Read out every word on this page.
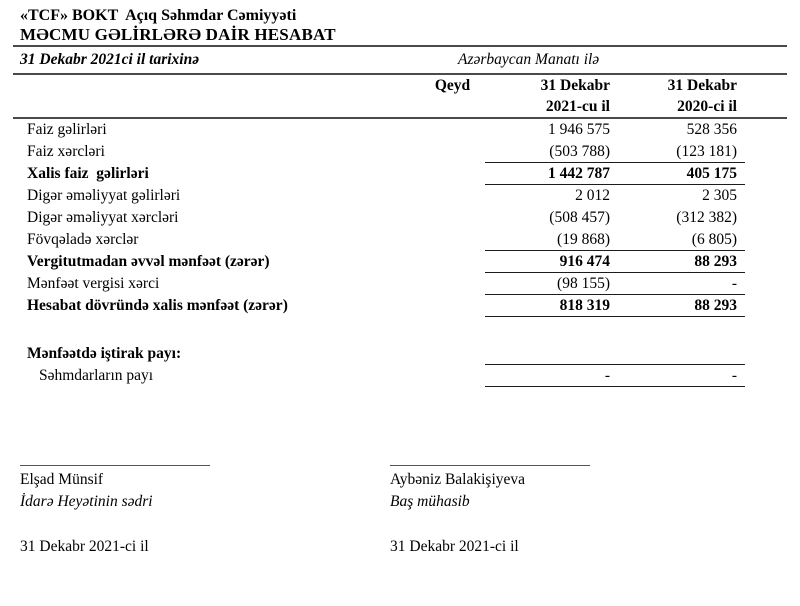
«TCF» BOKT  Açıq Səhmdar Cəmiyyəti
MƏCMU GƏLİRLƏRƏ DAİR HESABAT
31 Dekabr 2021ci il tarixinə	Azərbaycan Manatı ilə
Qeyd	31 Dekabr
2021-cu il
31 Dekabr
2020-ci il
Faiz gəlirləri	1 946 575	528 356
Faiz xərcləri	(503 788)	(123 181)
Xalis faiz  gəlirləri	1 442 787	405 175
Digər əməliyyat gəlirləri	2 012	2 305
Digər əməliyyat xərcləri	(508 457)	(312 382)
Fövqəladə xərclər	(19 868)	(6 805)
Vergitutmadan əvvəl mənfəət (zərər)	916 474	88 293
Mənfəət vergisi xərci	(98 155)	-
Hesabat dövründə xalis mənfəət (zərər)	818 319	88 293
Mənfəətdə iştirak payı:
Səhmdarların payı	-	-
Elşad Münsif
İdarə Heyətinin sədri
31 Dekabr 2021-ci il
Aybəniz Balakişiyeva
Baş mühasib
31 Dekabr 2021-ci il
